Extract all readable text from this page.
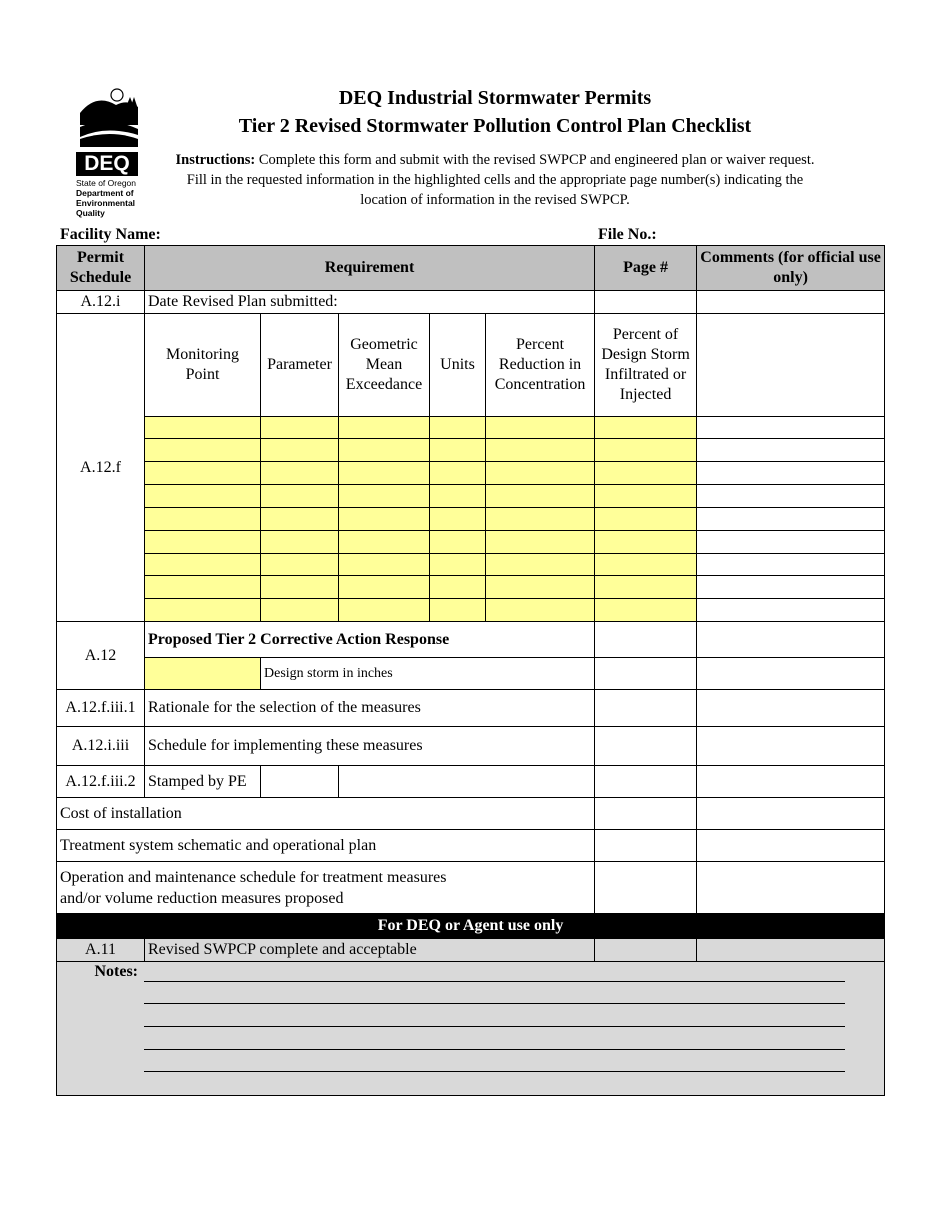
DEQ
State of Oregon
Department of
Environmental
Quality
DEQ Industrial Stormwater Permits
Tier 2 Revised Stormwater Pollution Control Plan Checklist
Instructions: Complete this form and submit with the revised SWPCP and engineered plan or waiver request.
Fill in the requested information in the highlighted cells and the appropriate page number(s) indicating the
location of information in the revised SWPCP.
Facility Name:	File No.:
Permit Schedule	Requirement					Page #	Comments (for official use only)
A.12.i	Date Revised Plan submitted:						
A.12.f	Monitoring Point	Parameter	Geometric Mean Exceedance	Units	Percent Reduction in Concentration	Percent of Design Storm Infiltrated or Injected	

A.12	Proposed Tier 2 Corrective Action Response						
		Design storm in inches					
A.12.f.iii.1	Rationale for the selection of the measures						
A.12.i.iii	Schedule for implementing these measures						
A.12.f.iii.2	Stamped by PE						
Cost of installation							
Treatment system schematic and operational plan							

Operation and maintenance schedule for treatment measures
and/or volume reduction measures proposed							

For DEQ or Agent use only							
A.11	Revised SWPCP complete and acceptable						

Notes:							
